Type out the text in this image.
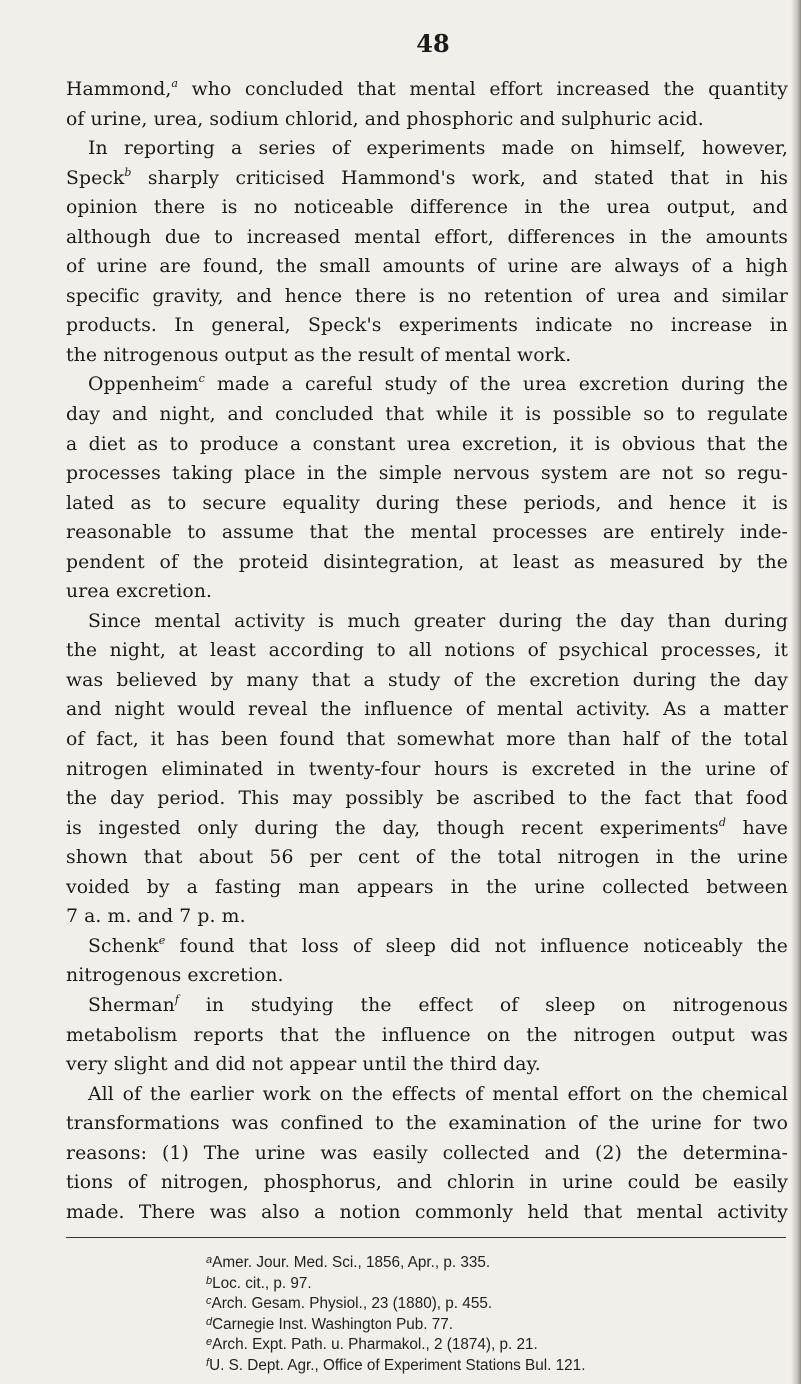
48
Hammond,$^a$ who concluded that mental effort increased the quantity
of urine, urea, sodium chlorid, and phosphoric and sulphuric acid.
In reporting a series of experiments made on himself, however,
Speck$^b$ sharply criticised Hammond's work, and stated that in his
opinion there is no noticeable difference in the urea output, and
although due to increased mental effort, differences in the amounts
of urine are found, the small amounts of urine are always of a high
specific gravity, and hence there is no retention of urea and similar
products. In general, Speck's experiments indicate no increase in
the nitrogenous output as the result of mental work.
Oppenheim$^c$ made a careful study of the urea excretion during the
day and night, and concluded that while it is possible so to regulate
a diet as to produce a constant urea excretion, it is obvious that the
processes taking place in the simple nervous system are not so regu-
lated as to secure equality during these periods, and hence it is
reasonable to assume that the mental processes are entirely inde-
pendent of the proteid disintegration, at least as measured by the
urea excretion.
Since mental activity is much greater during the day than during
the night, at least according to all notions of psychical processes, it
was believed by many that a study of the excretion during the day
and night would reveal the influence of mental activity. As a matter
of fact, it has been found that somewhat more than half of the total
nitrogen eliminated in twenty-four hours is excreted in the urine of
the day period. This may possibly be ascribed to the fact that food
is ingested only during the day, though recent experiments$^d$ have
shown that about 56 per cent of the total nitrogen in the urine
voided by a fasting man appears in the urine collected between
7 a. m. and 7 p. m.
Schenk$^e$ found that loss of sleep did not influence noticeably the
nitrogenous excretion.
Sherman$^f$ in studying the effect of sleep on nitrogenous
metabolism reports that the influence on the nitrogen output was
very slight and did not appear until the third day.
All of the earlier work on the effects of mental effort on the chemical
transformations was confined to the examination of the urine for two
reasons: (1) The urine was easily collected and (2) the determina-
tions of nitrogen, phosphorus, and chlorin in urine could be easily
made. There was also a notion commonly held that mental activity
$^a$Amer. Jour. Med. Sci., 1856, Apr., p. 335.
$^b$Loc. cit., p. 97.
$^c$Arch. Gesam. Physiol., 23 (1880), p. 455.
$^d$Carnegie Inst. Washington Pub. 77.
$^e$Arch. Expt. Path. u. Pharmakol., 2 (1874), p. 21.
$^f$U. S. Dept. Agr., Office of Experiment Stations Bul. 121.
